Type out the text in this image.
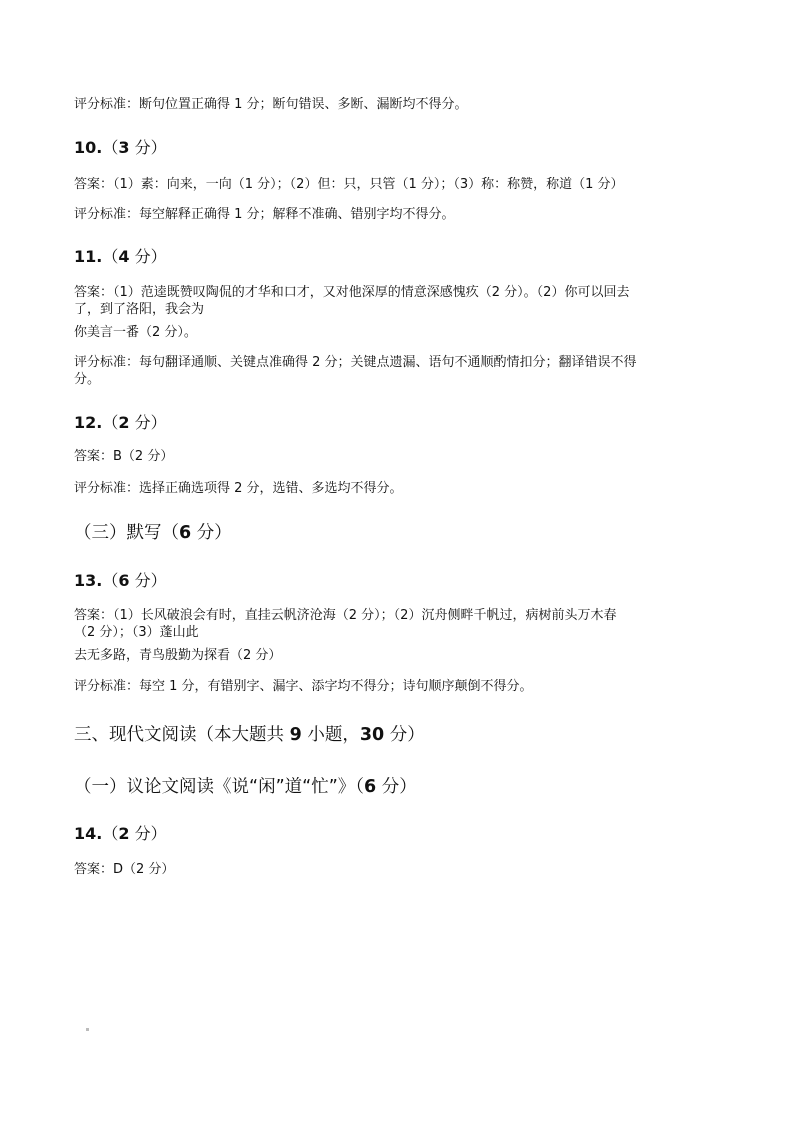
评分标准：断句位置正确得 1 分；断句错误、多断、漏断均不得分。

10.（3 分）

答案：（1）素：向来，一向（1 分）；（2）但：只，只管（1 分）；（3）称：称赞，称道（1 分）

评分标准：每空解释正确得 1 分；解释不准确、错别字均不得分。

11.（4 分）

答案：（1）范逵既赞叹陶侃的才华和口才，又对他深厚的情意深感愧疚（2 分）。（2）你可以回去

了，到了洛阳，我会为

你美言一番（2 分）。

评分标准：每句翻译通顺、关键点准确得 2 分；关键点遗漏、语句不通顺酌情扣分；翻译错误不得

分。

12.（2 分）

答案：B（2 分）

评分标准：选择正确选项得 2 分，选错、多选均不得分。

（三）默写（6 分）
13.（6 分）

答案：（1）长风破浪会有时，直挂云帆济沧海（2 分）；（2）沉舟侧畔千帆过，病树前头万木春

（2 分）；（3）蓬山此

去无多路，青鸟殷勤为探看（2 分）

评分标准：每空 1 分，有错别字、漏字、添字均不得分；诗句顺序颠倒不得分。

三、现代文阅读（本大题共 9 小题，30 分）
（一）议论文阅读《说“闲”道“忙”》（6 分）
14.（2 分）

答案：D（2 分）
